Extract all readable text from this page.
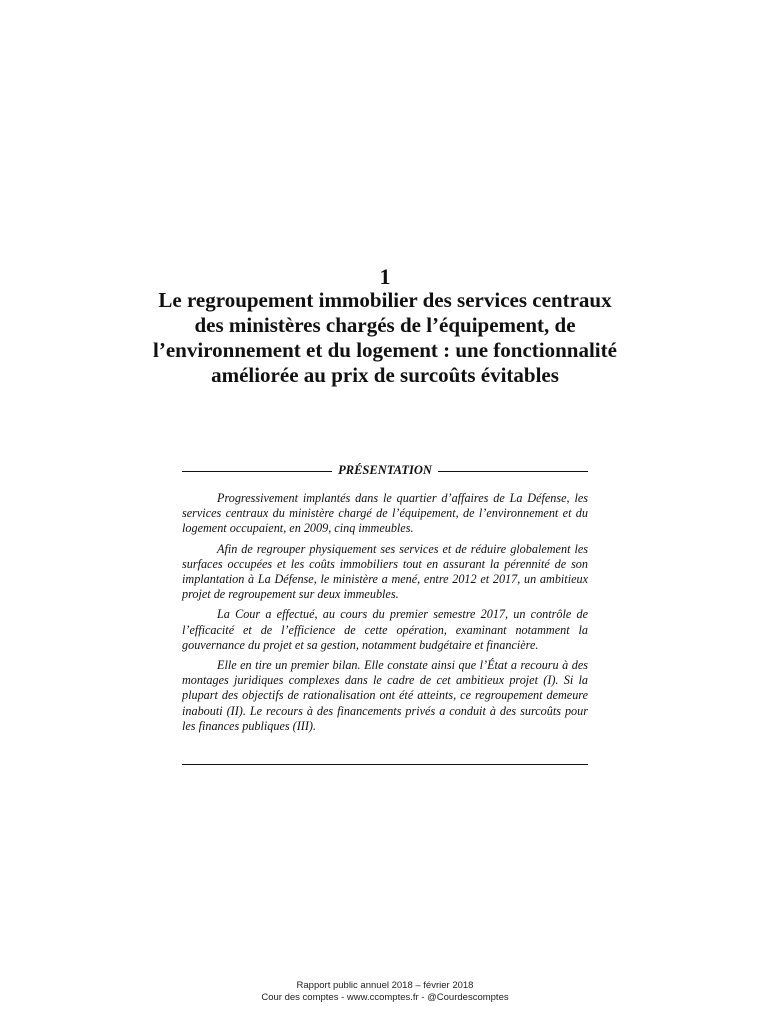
1
Le regroupement immobilier des services centraux des ministères chargés de l’équipement, de l’environnement et du logement : une fonctionnalité améliorée au prix de surcoûts évitables
PRÉSENTATION

Progressivement implantés dans le quartier d’affaires de La Défense, les services centraux du ministère chargé de l’équipement, de l’environnement et du logement occupaient, en 2009, cinq immeubles.

Afin de regrouper physiquement ses services et de réduire globalement les surfaces occupées et les coûts immobiliers tout en assurant la pérennité de son implantation à La Défense, le ministère a mené, entre 2012 et 2017, un ambitieux projet de regroupement sur deux immeubles.

La Cour a effectué, au cours du premier semestre 2017, un contrôle de l’efficacité et de l’efficience de cette opération, examinant notamment la gouvernance du projet et sa gestion, notamment budgétaire et financière.

Elle en tire un premier bilan. Elle constate ainsi que l’État a recouru à des montages juridiques complexes dans le cadre de cet ambitieux projet (I). Si la plupart des objectifs de rationalisation ont été atteints, ce regroupement demeure inabouti (II). Le recours à des financements privés a conduit à des surcoûts pour les finances publiques (III).

Rapport public annuel 2018 – février 2018
Cour des comptes - www.ccomptes.fr - @Courdescomptes
